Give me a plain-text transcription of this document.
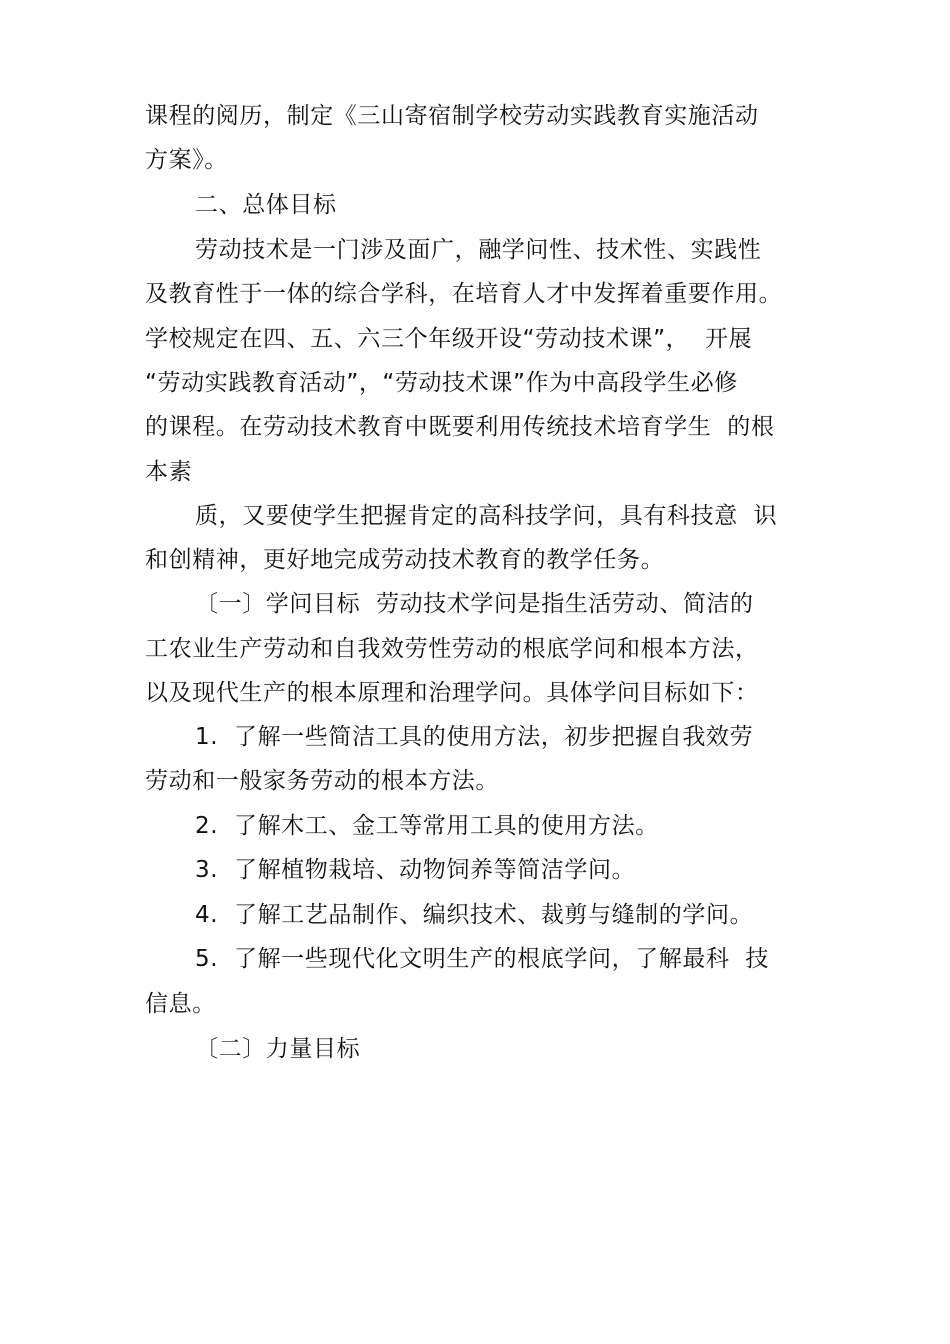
课程的阅历，制定《三山寄宿制学校劳动实践教育实施活动
方案》。
二、总体目标
劳动技术是一门涉及面广，融学问性、技术性、实践性
及教育性于一体的综合学科，在培育人才中发挥着重要作用。
学校规定在四、五、六三个年级开设“劳动技术课”，  开展
“劳动实践教育活动”，“劳动技术课”作为中高段学生必修
的课程。在劳动技术教育中既要利用传统技术培育学生  的根
本素
质，又要使学生把握肯定的高科技学问，具有科技意  识
和创精神，更好地完成劳动技术教育的教学任务。
〔一〕学问目标  劳动技术学问是指生活劳动、简洁的
工农业生产劳动和自我效劳性劳动的根底学问和根本方法，
以及现代生产的根本原理和治理学问。具体学问目标如下：
1.  了解一些简洁工具的使用方法，初步把握自我效劳
劳动和一般家务劳动的根本方法。
2.  了解木工、金工等常用工具的使用方法。
3.  了解植物栽培、动物饲养等简洁学问。
4.  了解工艺品制作、编织技术、裁剪与缝制的学问。
5.  了解一些现代化文明生产的根底学问，了解最科  技
信息。
〔二〕力量目标
